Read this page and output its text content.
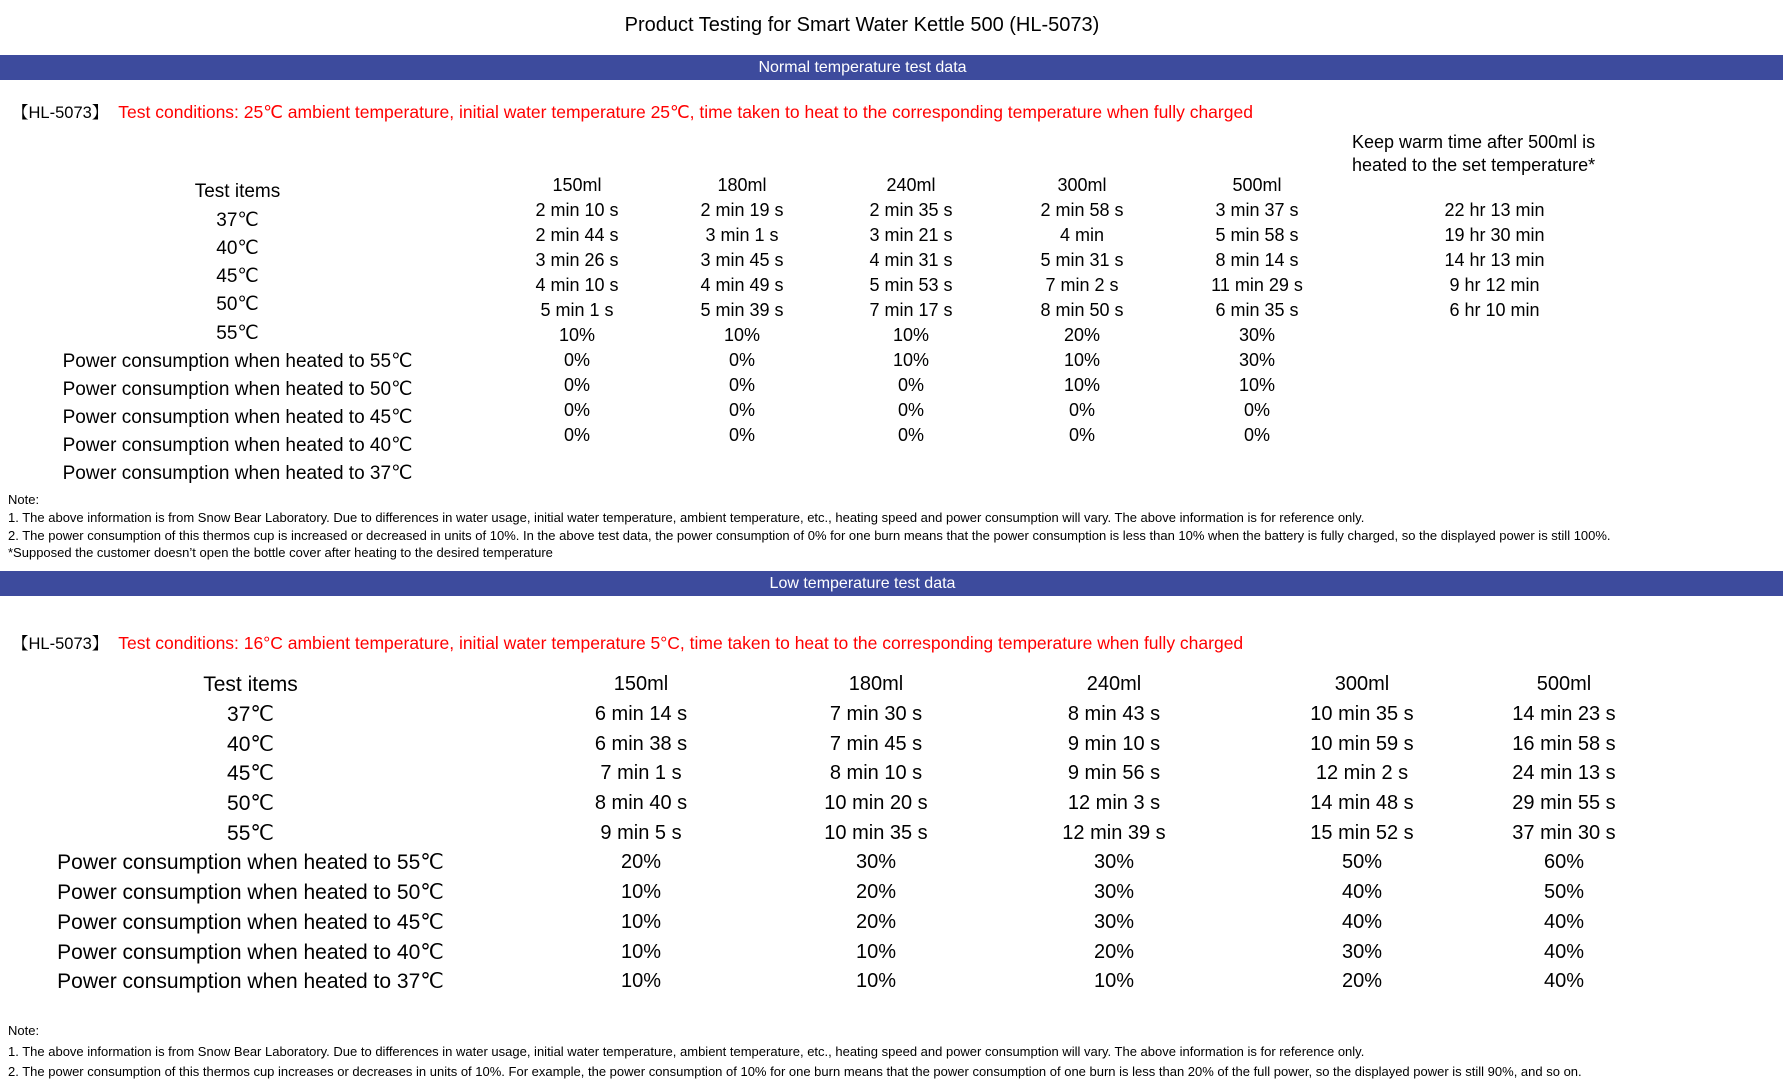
Product Testing for Smart Water Kettle 500 (HL-5073)
Normal temperature test data
【HL-5073】 Test conditions: 25℃ ambient temperature, initial water temperature 25℃, time taken to heat to the corresponding temperature when fully charged
Test items
37℃
40℃
45℃
50℃
55℃
Power consumption when heated to 55℃
Power consumption when heated to 50℃
Power consumption when heated to 45℃
Power consumption when heated to 40℃
Power consumption when heated to 37℃
150ml
2 min 10 s
2 min 44 s
3 min 26 s
4 min 10 s
5 min 1 s
10%
0%
0%
0%
0%
180ml
2 min 19 s
3 min 1 s
3 min 45 s
4 min 49 s
5 min 39 s
10%
0%
0%
0%
0%
240ml
2 min 35 s
3 min 21 s
4 min 31 s
5 min 53 s
7 min 17 s
10%
10%
0%
0%
0%
300ml
2 min 58 s
4 min
5 min 31 s
7 min 2 s
8 min 50 s
20%
10%
10%
0%
0%
500ml
3 min 37 s
5 min 58 s
8 min 14 s
11 min 29 s
6 min 35 s
30%
30%
10%
0%
0%
Keep warm time after 500ml is heated to the set temperature*
22 hr 13 min
19 hr 30 min
14 hr 13 min
9 hr 12 min
6 hr 10 min
Note:
1. The above information is from Snow Bear Laboratory. Due to differences in water usage, initial water temperature, ambient temperature, etc., heating speed and power consumption will vary. The above information is for reference only.
2. The power consumption of this thermos cup is increased or decreased in units of 10%. In the above test data, the power consumption of 0% for one burn means that the power consumption is less than 10% when the battery is fully charged, so the displayed power is still 100%.
*Supposed the customer doesn’t open the bottle cover after heating to the desired temperature
Low temperature test data
【HL-5073】 Test conditions: 16°C ambient temperature, initial water temperature 5°C, time taken to heat to the corresponding temperature when fully charged
Test items
37℃
40℃
45℃
50℃
55℃
Power consumption when heated to 55℃
Power consumption when heated to 50℃
Power consumption when heated to 45℃
Power consumption when heated to 40℃
Power consumption when heated to 37℃
150ml
6 min 14 s
6 min 38 s
7 min 1 s
8 min 40 s
9 min 5 s
20%
10%
10%
10%
10%
180ml
7 min 30 s
7 min 45 s
8 min 10 s
10 min 20 s
10 min 35 s
30%
20%
20%
10%
10%
240ml
8 min 43 s
9 min 10 s
9 min 56 s
12 min 3 s
12 min 39 s
30%
30%
30%
20%
10%
300ml
10 min 35 s
10 min 59 s
12 min 2 s
14 min 48 s
15 min 52 s
50%
40%
40%
30%
20%
500ml
14 min 23 s
16 min 58 s
24 min 13 s
29 min 55 s
37 min 30 s
60%
50%
40%
40%
40%
Note:
1. The above information is from Snow Bear Laboratory. Due to differences in water usage, initial water temperature, ambient temperature, etc., heating speed and power consumption will vary. The above information is for reference only.
2. The power consumption of this thermos cup increases or decreases in units of 10%. For example, the power consumption of 10% for one burn means that the power consumption of one burn is less than 20% of the full power, so the displayed power is still 90%, and so on.
